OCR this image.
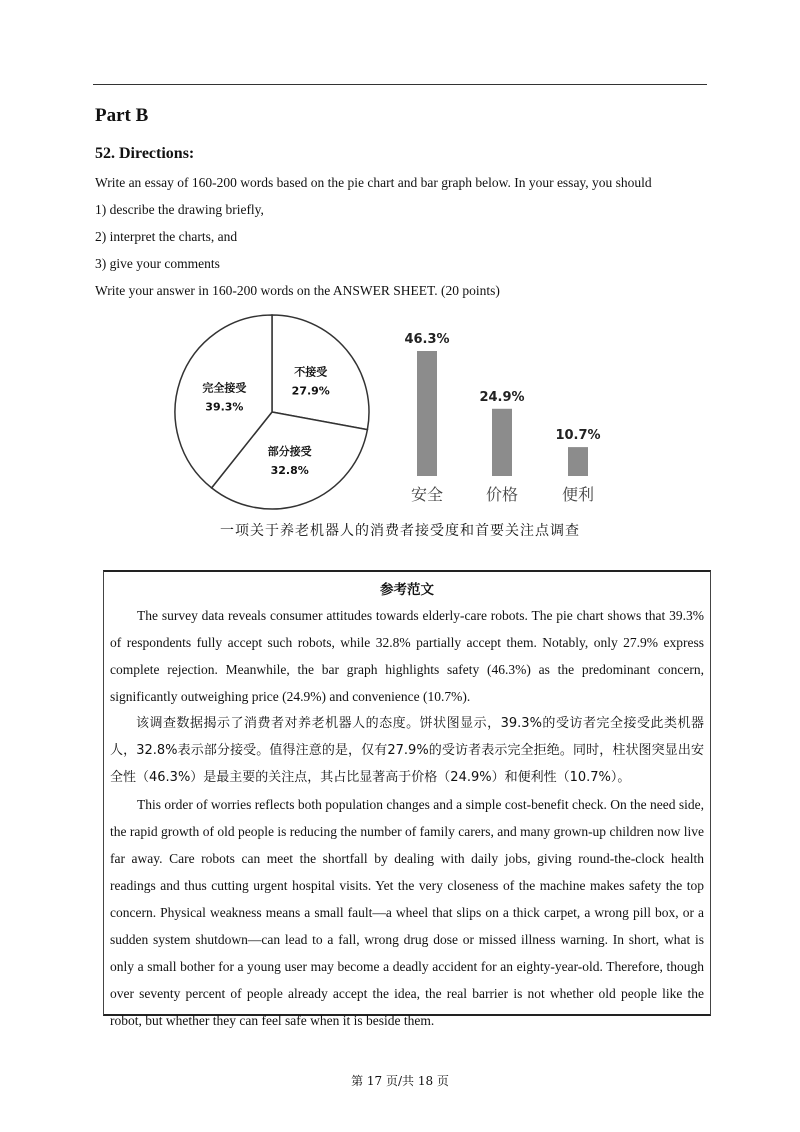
Part B
52. Directions:
Write an essay of 160-200 words based on the pie chart and bar graph below. In your essay, you should
1) describe the drawing briefly,
2) interpret the charts, and
3) give your comments
Write your answer in 160-200 words on the ANSWER SHEET. (20 points)
不接受
27.9%
部分接受
32.8%
完全接受
39.3%
46.3%
安全
24.9%
价格
10.7%
便利
一项关于养老机器人的消费者接受度和首要关注点调查
参考范文

The survey data reveals consumer attitudes towards elderly-care robots. The pie chart shows that 39.3% of respondents fully accept such robots, while 32.8% partially accept them. Notably, only 27.9% express complete rejection. Meanwhile, the bar graph highlights safety (46.3%) as the predominant concern, significantly outweighing price (24.9%) and convenience (10.7%).

该调查数据揭示了消费者对养老机器人的态度。饼状图显示，39.3%的受访者完全接受此类机器人，32.8%表示部分接受。值得注意的是，仅有27.9%的受访者表示完全拒绝。同时，柱状图突显出安全性（46.3%）是最主要的关注点，其占比显著高于价格（24.9%）和便利性（10.7%）。

This order of worries reflects both population changes and a simple cost-benefit check. On the need side, the rapid growth of old people is reducing the number of family carers, and many grown-up children now live far away. Care robots can meet the shortfall by dealing with daily jobs, giving round-the-clock health readings and thus cutting urgent hospital visits. Yet the very closeness of the machine makes safety the top concern. Physical weakness means a small fault—a wheel that slips on a thick carpet, a wrong pill box, or a sudden system shutdown—can lead to a fall, wrong drug dose or missed illness warning. In short, what is only a small bother for a young user may become a deadly accident for an eighty-year-old. Therefore, though over seventy percent of people already accept the idea, the real barrier is not whether old people like the robot, but whether they can feel safe when it is beside them.

第 17 页/共 18 页
